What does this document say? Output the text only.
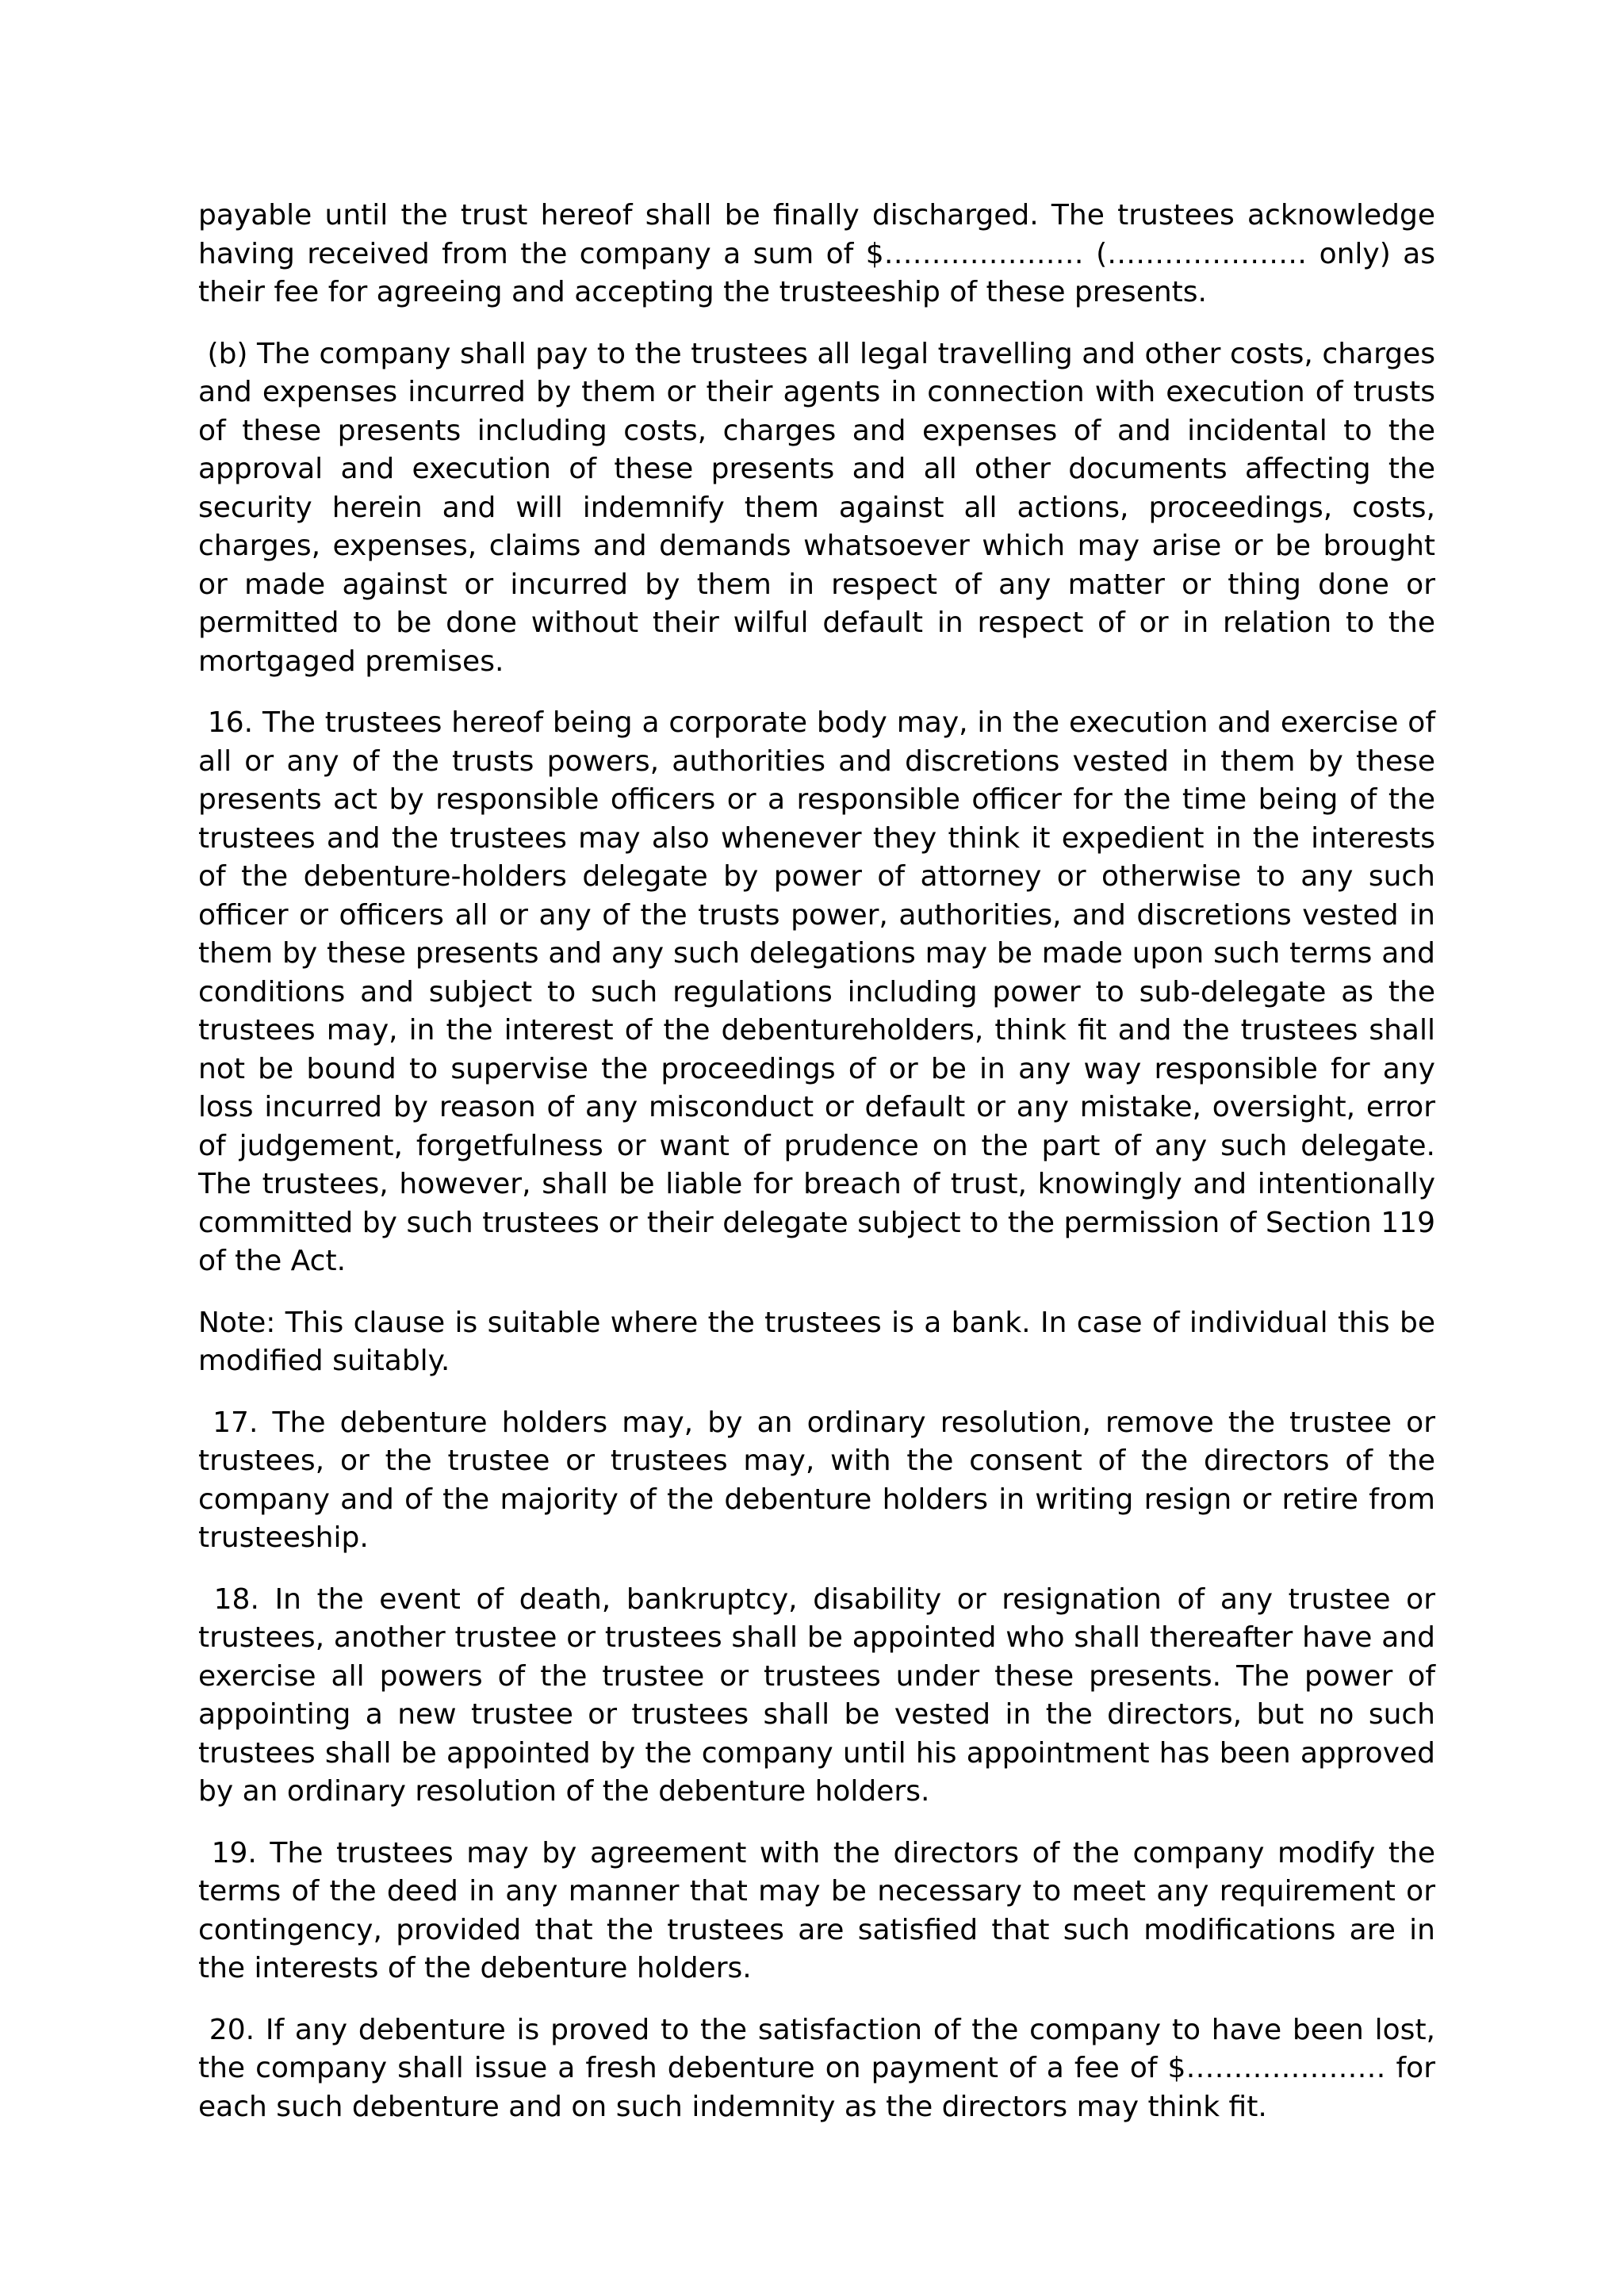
payable until the trust hereof shall be finally discharged. The trustees acknowledge having received from the company a sum of $………………… (………………… only) as their fee for agreeing and accepting the trusteeship of these presents.

(b) The company shall pay to the trustees all legal travelling and other costs, charges and expenses incurred by them or their agents in connection with execution of trusts of these presents including costs, charges and expenses of and incidental to the approval and execution of these presents and all other documents affecting the security herein and will indemnify them against all actions, proceedings, costs, charges, expenses, claims and demands whatsoever which may arise or be brought or made against or incurred by them in respect of any matter or thing done or permitted to be done without their wilful default in respect of or in relation to the mortgaged premises.

16. The trustees hereof being a corporate body may, in the execution and exercise of all or any of the trusts powers, authorities and discretions vested in them by these presents act by responsible officers or a responsible officer for the time being of the trustees and the trustees may also whenever they think it expedient in the interests of the debenture-holders delegate by power of attorney or otherwise to any such officer or officers all or any of the trusts power, authorities, and discretions vested in them by these presents and any such delegations may be made upon such terms and conditions and subject to such regulations including power to sub-delegate as the trustees may, in the interest of the debentureholders, think fit and the trustees shall not be bound to supervise the proceedings of or be in any way responsible for any loss incurred by reason of any misconduct or default or any mistake, oversight, error of judgement, forgetfulness or want of prudence on the part of any such delegate. The trustees, however, shall be liable for breach of trust, knowingly and intentionally committed by such trustees or their delegate subject to the permission of Section 119 of the Act.

Note: This clause is suitable where the trustees is a bank. In case of individual this be modified suitably.

17. The debenture holders may, by an ordinary resolution, remove the trustee or trustees, or the trustee or trustees may, with the consent of the directors of the company and of the majority of the debenture holders in writing resign or retire from trusteeship.

18. In the event of death, bankruptcy, disability or resignation of any trustee or trustees, another trustee or trustees shall be appointed who shall thereafter have and exercise all powers of the trustee or trustees under these presents. The power of appointing a new trustee or trustees shall be vested in the directors, but no such trustees shall be appointed by the company until his appointment has been approved by an ordinary resolution of the debenture holders.

19. The trustees may by agreement with the directors of the company modify the terms of the deed in any manner that may be necessary to meet any requirement or contingency, provided that the trustees are satisfied that such modifications are in the interests of the debenture holders.

20. If any debenture is proved to the satisfaction of the company to have been lost, the company shall issue a fresh debenture on payment of a fee of $………………… for each such debenture and on such indemnity as the directors may think fit.
